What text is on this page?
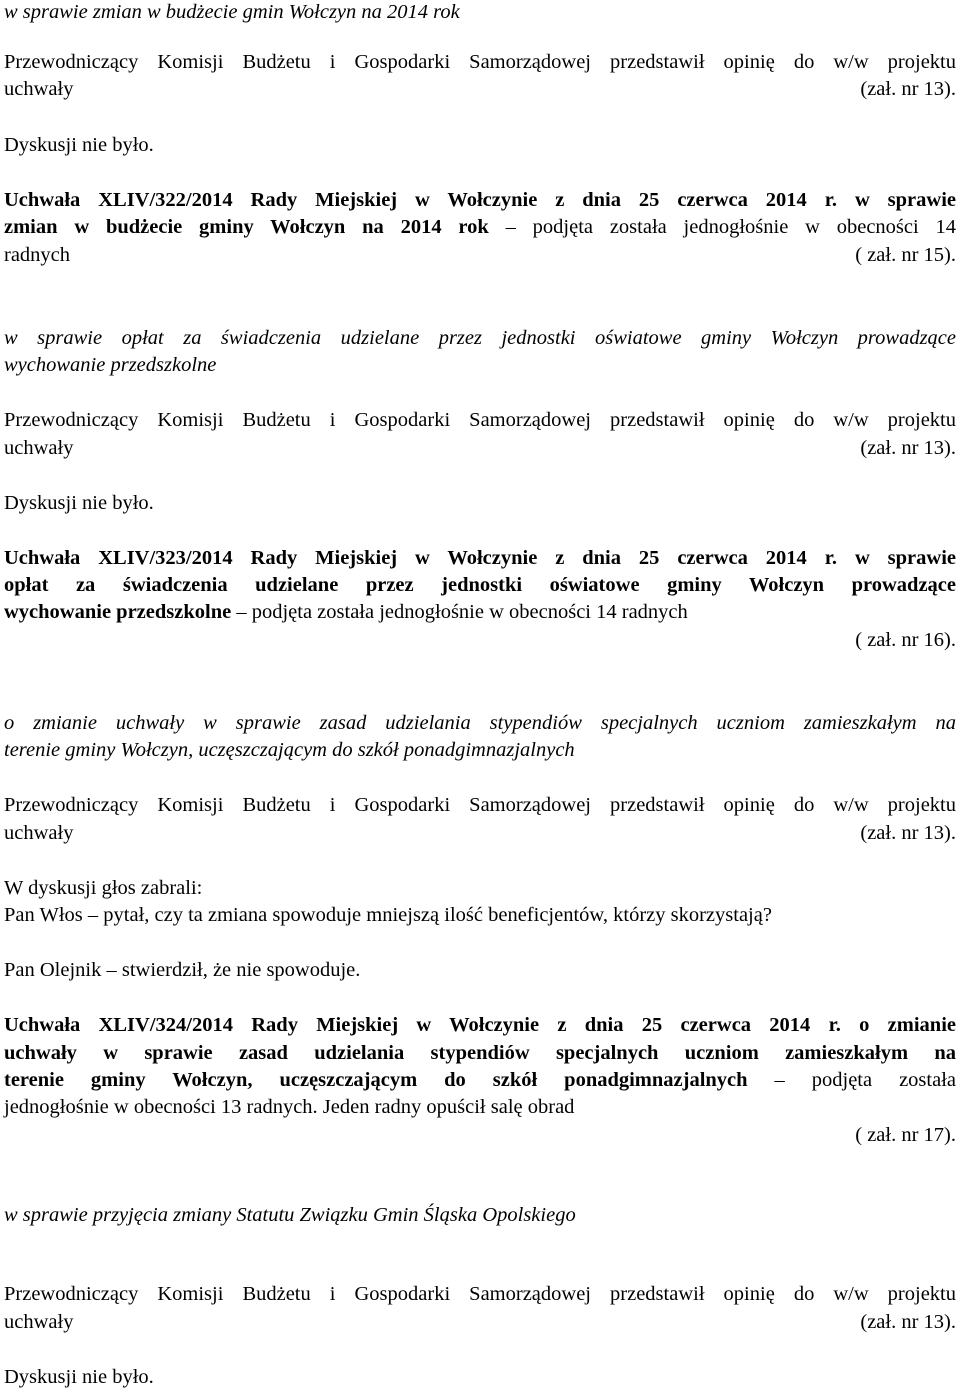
w sprawie zmian w budżecie gmin Wołczyn na 2014 rok
Przewodniczący Komisji Budżetu i Gospodarki Samorządowej przedstawił opinię do w/w projektu
uchwały	(zał. nr 13).
Dyskusji nie było.
Uchwała XLIV/322/2014 Rady Miejskiej w Wołczynie z dnia 25 czerwca 2014 r. w sprawie
zmian w budżecie gminy Wołczyn na 2014 rok – podjęta została jednogłośnie w obecności 14
radnych	( zał. nr 15).
w sprawie opłat za świadczenia udzielane przez jednostki oświatowe gminy Wołczyn prowadzące
wychowanie przedszkolne
Przewodniczący Komisji Budżetu i Gospodarki Samorządowej przedstawił opinię do w/w projektu
uchwały	(zał. nr 13).
Dyskusji nie było.
Uchwała XLIV/323/2014 Rady Miejskiej w Wołczynie z dnia 25 czerwca 2014 r. w sprawie
opłat za świadczenia udzielane przez jednostki oświatowe gminy Wołczyn prowadzące
wychowanie przedszkolne – podjęta została jednogłośnie w obecności 14 radnych
( zał. nr 16).
o zmianie uchwały w sprawie zasad udzielania stypendiów specjalnych uczniom zamieszkałym na
terenie gminy Wołczyn, uczęszczającym do szkół ponadgimnazjalnych
Przewodniczący Komisji Budżetu i Gospodarki Samorządowej przedstawił opinię do w/w projektu
uchwały	(zał. nr 13).
W dyskusji głos zabrali:
Pan Włos – pytał, czy ta zmiana spowoduje mniejszą ilość beneficjentów, którzy skorzystają?
Pan Olejnik – stwierdził, że nie spowoduje.
Uchwała XLIV/324/2014 Rady Miejskiej w Wołczynie z dnia 25 czerwca 2014 r. o zmianie
uchwały w sprawie zasad udzielania stypendiów specjalnych uczniom zamieszkałym na
terenie gminy Wołczyn, uczęszczającym do szkół ponadgimnazjalnych – podjęta została
jednogłośnie w obecności 13 radnych. Jeden radny opuścił salę obrad
( zał. nr 17).
w sprawie przyjęcia zmiany Statutu Związku Gmin Śląska Opolskiego
Przewodniczący Komisji Budżetu i Gospodarki Samorządowej przedstawił opinię do w/w projektu
uchwały	(zał. nr 13).
Dyskusji nie było.
